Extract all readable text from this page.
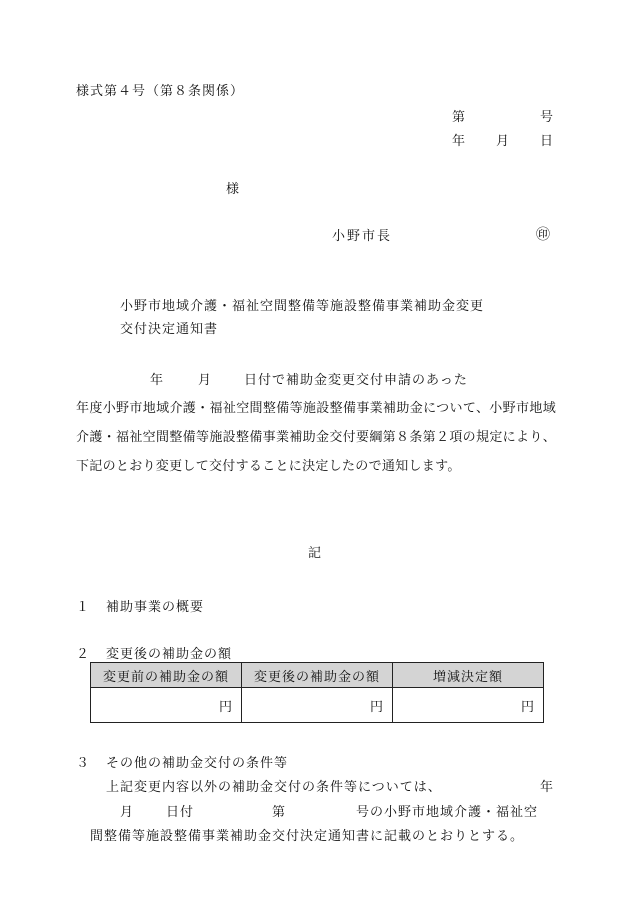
様式第４号（第８条関係）
第	号
年 月 日
様
小野市長	㊞
小野市地域介護・福祉空間整備等施設整備事業補助金変更
交付決定通知書
年	月 日付で補助金変更交付申請のあった
年度小野市地域介護・福祉空間整備等施設整備事業補助金について、小野市地域介護・福祉空間整備等施設整備事業補助金交付要綱第８条第２項の規定により、下記のとおり変更して交付することに決定したので通知します。
記
１ 補助事業の概要
２ 変更後の補助金の額
変更前の補助金の額	変更後の補助金の額	増減決定額
円	円	円
３ その他の補助金交付の条件等
上記変更内容以外の補助金交付の条件等については、	年
月 日付	第	号の小野市地域介護・福祉空
間整備等施設整備事業補助金交付決定通知書に記載のとおりとする。
